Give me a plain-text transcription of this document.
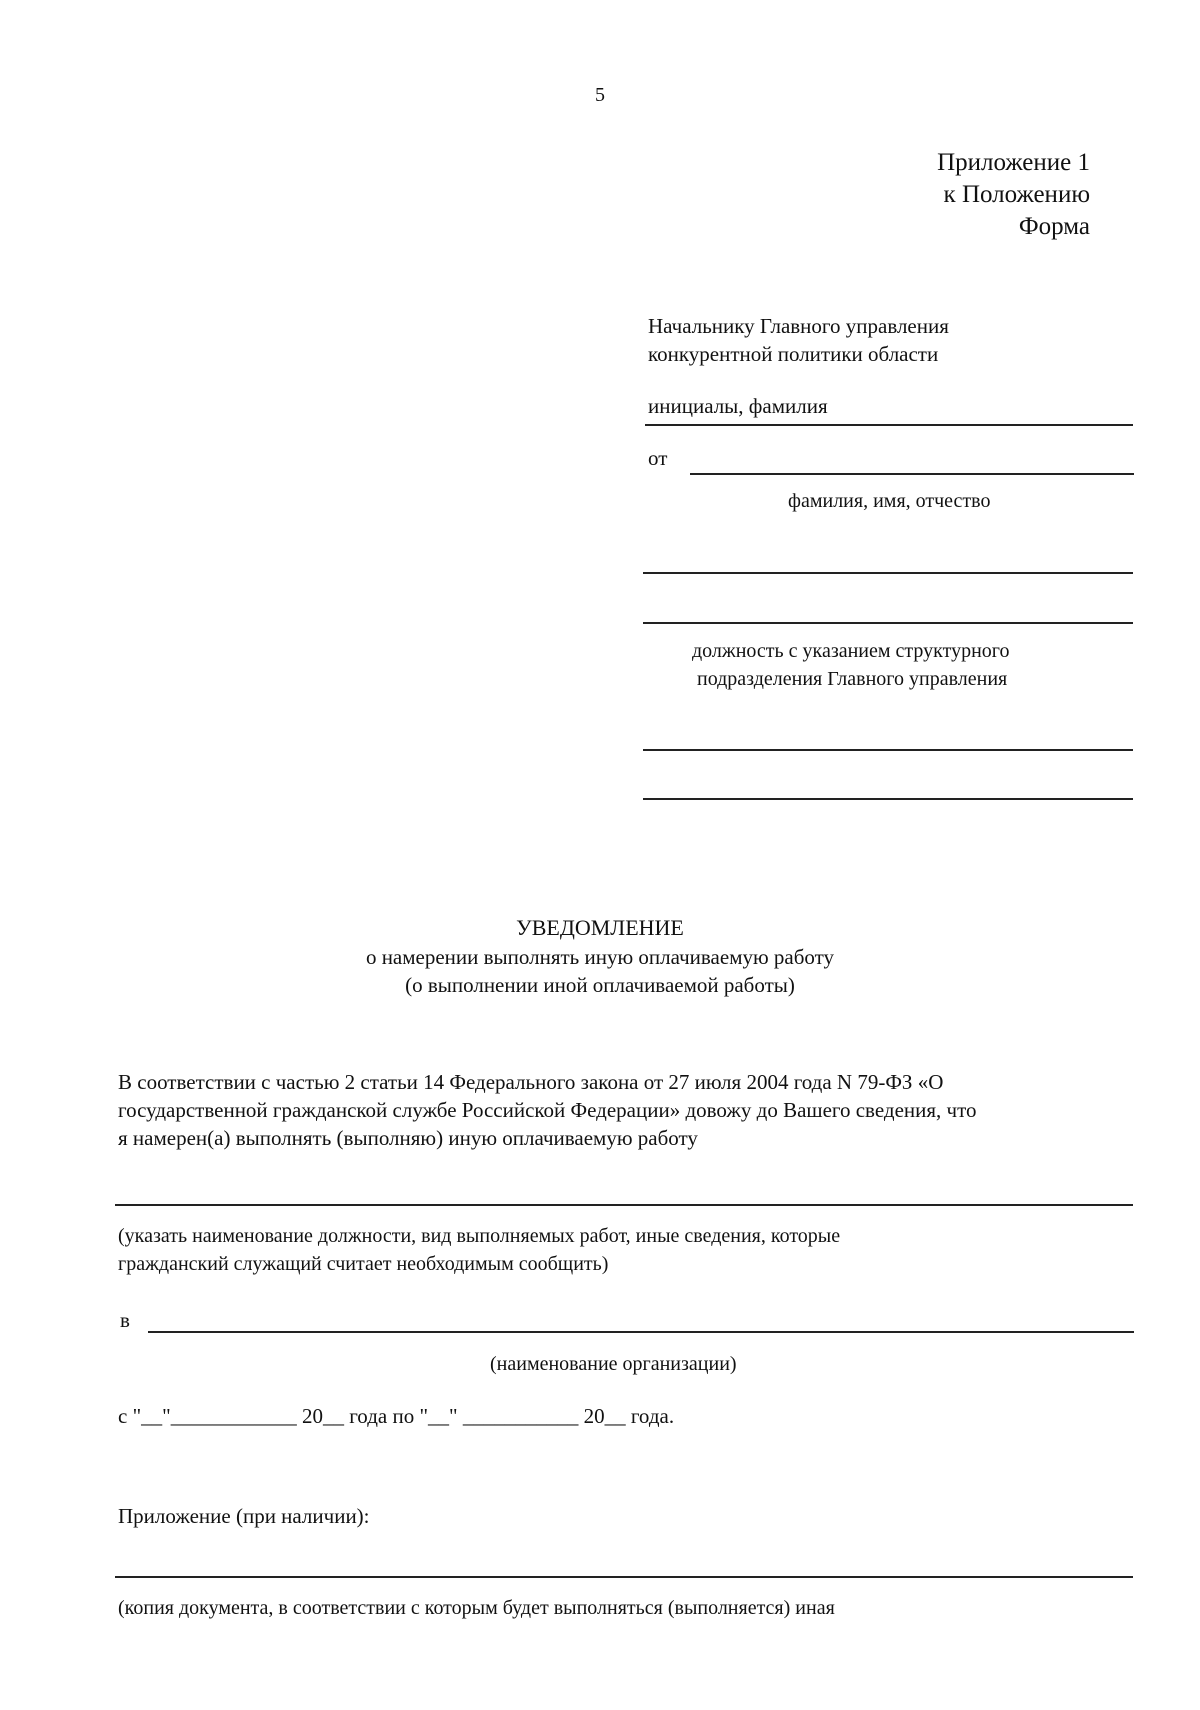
5
Приложение 1
к Положению
Форма
Начальнику Главного управления
конкурентной политики области
инициалы, фамилия
от
фамилия, имя, отчество
должность с указанием структурного
подразделения Главного управления
УВЕДОМЛЕНИЕ
о намерении выполнять иную оплачиваемую работу
(о выполнении иной оплачиваемой работы)
В соответствии с частью 2 статьи 14 Федерального закона от 27 июля 2004 года N 79-ФЗ «О
государственной гражданской службе Российской Федерации» довожу до Вашего сведения, что
я намерен(а) выполнять (выполняю) иную оплачиваемую работу
(указать наименование должности, вид выполняемых работ, иные сведения, которые
гражданский служащий считает необходимым сообщить)
в
(наименование организации)
с "__"____________ 20__ года по "__" ___________ 20__ года.
Приложение (при наличии):
(копия документа, в соответствии с которым будет выполняться (выполняется) иная
